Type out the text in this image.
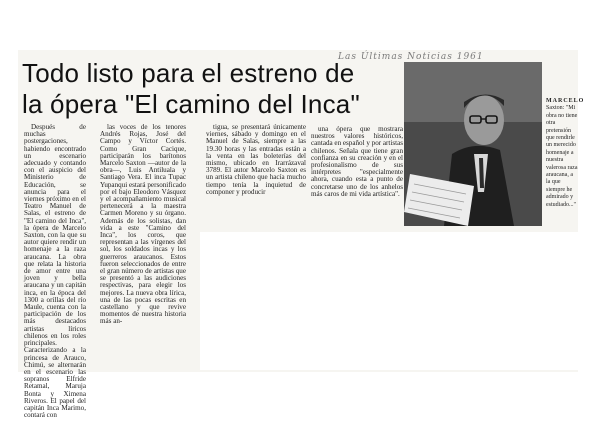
Las Últimas Noticias 1961
Todo listo para el estreno de
la ópera "El camino del Inca"	MARCELO
Saxton: "Mi obra no tiene otra pretensión que rendirle un merecido homenaje a nuestra valerosa raza araucana, a la que siempre he admirado y estudiado..."

Después de muchas postergaciones, habiendo encontrado un escenario adecuado y contando con el auspicio del Ministerio de Educación, se anuncia para el viernes próximo en el Teatro Manuel de Salas, el estreno de "El camino del Inca", la ópera de Marcelo Saxton, con la que su autor quiere rendir un homenaje a la raza araucana. La obra que relata la historia de amor entre una joven y bella araucana y un capitán inca, en la época del 1300 a orillas del río Maule, cuenta con la participación de los más destacados artistas líricos chilenos en los roles principales. Caracterizando a la princesa de Arauco, Chimú, se alternarán en el escenario las sopranos Elfride Retamal, Maruja Bonta y Ximena Riveros. El papel del capitán Inca Marimo, contará con

las voces de los tenores Andrés Rojas, José del Campo y Víctor Cortés. Como Gran Cacique, participarán los barítonos Marcelo Saxton —autor de la obra—, Luis Antiluala y Santiago Vera. El inca Tupac Yupanqui estará personificado por el bajo Eleodoro Vásquez y el acompañamiento musical pertenecerá a la maestra Carmen Moreno y su órgano. Además de los solistas, dan vida a este "Camino del Inca", los coros, que representan a las vírgenes del sol, los soldados incas y los guerreros araucanos. Estos fueron seleccionados de entre el gran número de artistas que se presentó a las audiciones respectivas, para elegir los mejores. La nueva obra lírica, una de las pocas escritas en castellano y que revive momentos de nuestra historia más an-

tigua, se presentará únicamente viernes, sábado y domingo en el Manuel de Salas, siempre a las 19.30 horas y las entradas están a la venta en las boleterías del mismo, ubicado en Irarrázaval 3789. El autor Marcelo Saxton es un artista chileno que hacía mucho tiempo tenía la inquietud de componer y producir

una ópera que mostrara nuestros valores históricos, cantada en español y por artistas chilenos. Señala que tiene gran confianza en su creación y en el profesionalismo de sus intérpretes "especialmente ahora, cuando esta a punto de concretarse uno de los anhelos más caros de mi vida artística".
